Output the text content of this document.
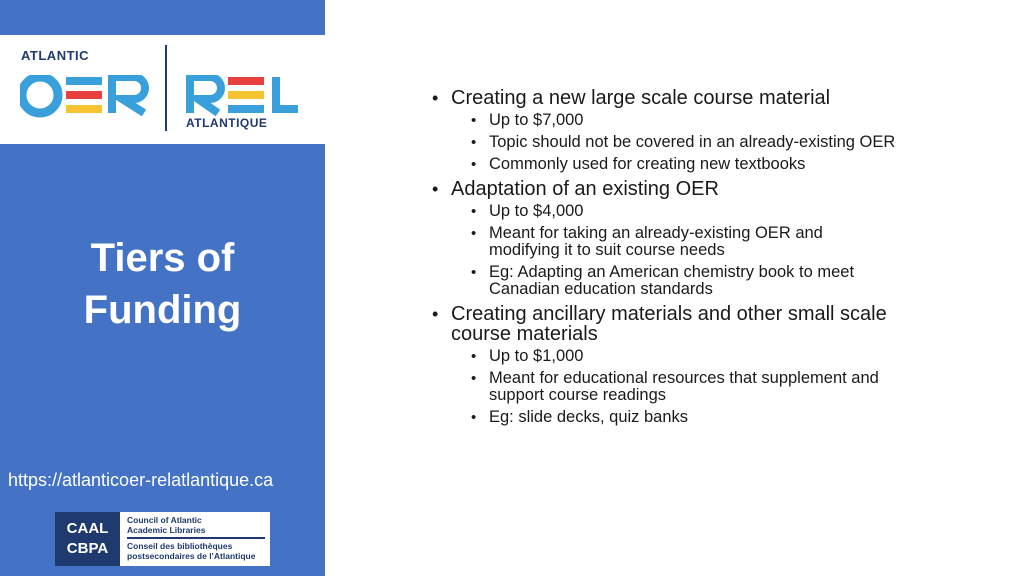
ATLANTIC
ATLANTIQUE
Tiers of
Funding
https://atlanticoer-relatlantique.ca
CAAL
CBPA
Council of Atlantic
Academic Libraries
Conseil des bibliothèques
postsecondaires de l’Atlantique
• Creating a new large scale course material
• Up to $7,000
• Topic should not be covered in an already-existing OER
• Commonly used for creating new textbooks
• Adaptation of an existing OER
• Up to $4,000
• Meant for taking an already-existing OER and modifying it to suit course needs
• Eg: Adapting an American chemistry book to meet Canadian education standards
• Creating ancillary materials and other small scale course materials
• Up to $1,000
• Meant for educational resources that supplement and support course readings
• Eg: slide decks, quiz banks
